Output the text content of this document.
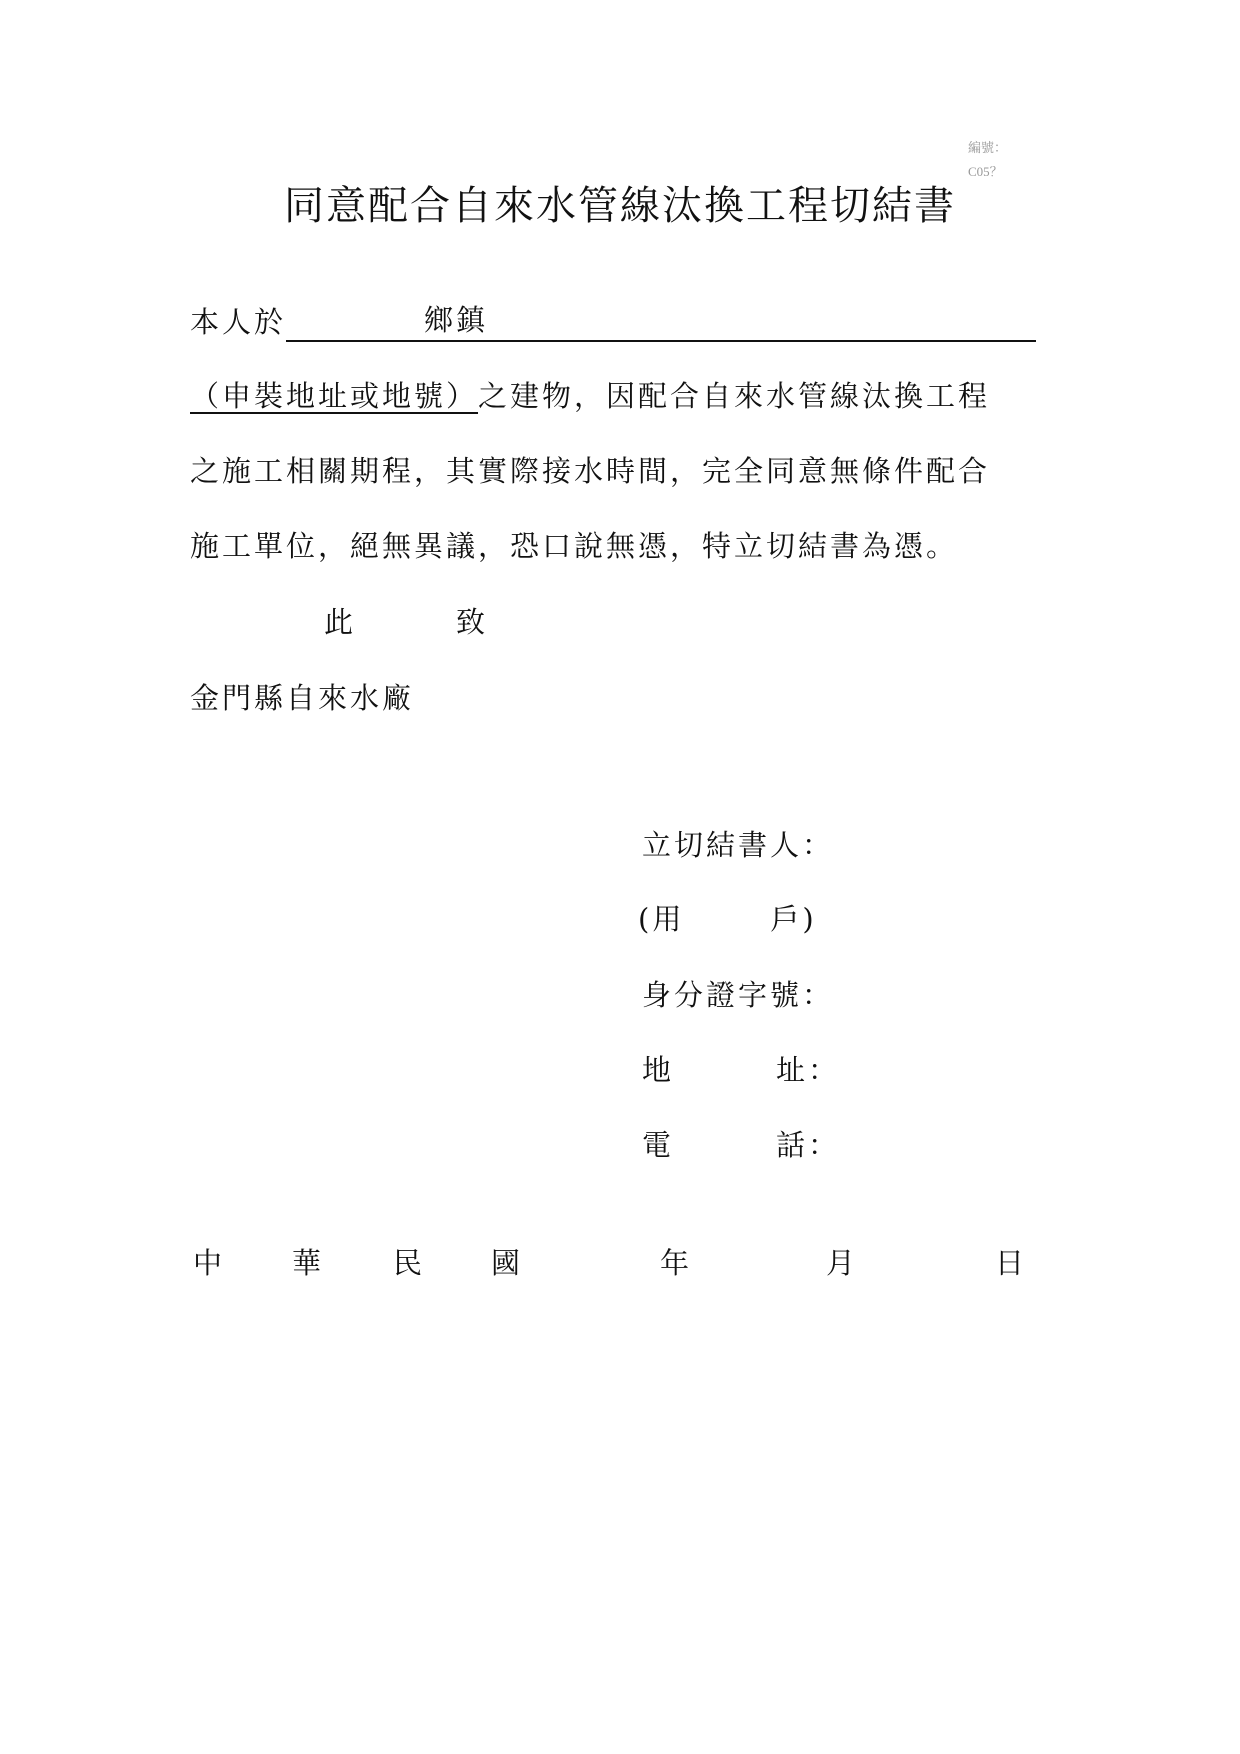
編號：
C05？
同意配合自來水管線汰換工程切結書
本人於	鄉鎮
（申裝地址或地號）之建物，因配合自來水管線汰換工程
之施工相關期程，其實際接水時間，完全同意無條件配合
施工單位，絕無異議，恐口說無憑，特立切結書為憑。
此	致
金門縣自來水廠
立切結書人：
(用	戶)
身分證字號：
地	址：
電	話：
中 華 民 國	年	月	日
